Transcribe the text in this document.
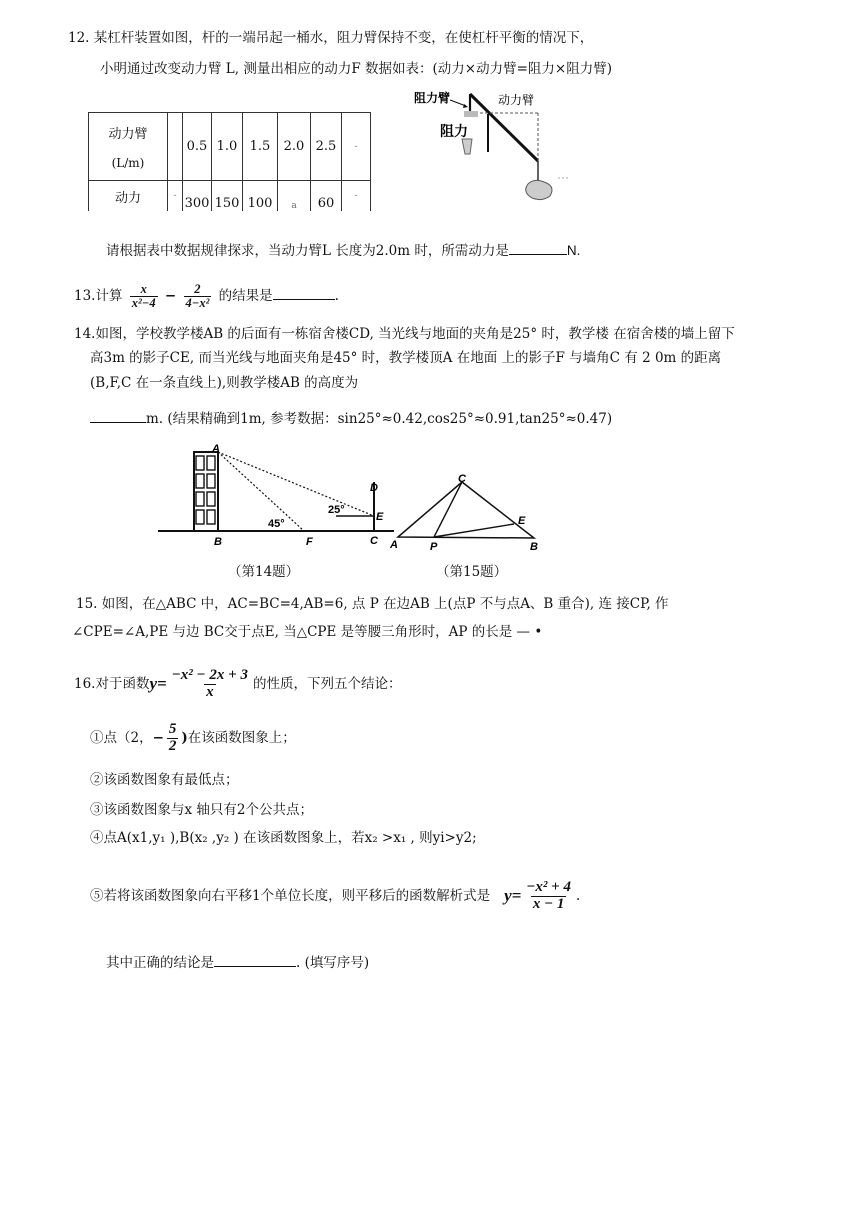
12. 某杠杆装置如图，杆的一端吊起一桶水，阻力臂保持不变，在使杠杆平衡的情况下，
小明通过改变动力臂 L, 测量出相应的动力F 数据如表：(动力×动力臂=阻力×阻力臂)
动力臂
(L/m)		0.5	1.0	1.5	2.0	2.5	-
动力	-	300	150	100	a	60	-
阻力臂	动力臂
阻力
请根据表中数据规律探求，当动力臂L 长度为2.0m 时，所需动力是	N.
13.计算 $\frac{x}{\text{x²−4}} - \frac{2}{\text{4−x²}}$ 的结果是	.
14.如图，学校教学楼AB 的后面有一栋宿舍楼CD, 当光线与地面的夹角是25° 时，教学楼 在宿舍楼的墙上留下
高3m 的影子CE, 而当光线与地面夹角是45° 时，教学楼顶A 在地面 上的影子F 与墙角C 有 2 0m 的距离
(B,F,C 在一条直线上),则教学楼AB 的高度为
m. (结果精确到1m, 参考数据：sin25°≈0.42,cos25°≈0.91,tan25°≈0.47)
A
B	F	C
D
E
45°
25°
A	B
C
E
P
（第14题）	（第15题）
15. 如图，在△ABC 中，AC=BC=4,AB=6, 点 P 在边AB 上(点P 不与点A、B 重合), 连 接CP, 作
∠CPE=∠A,PE 与边 BC交于点E, 当△CPE 是等腰三角形时，AP 的长是 — •
16.对于函数$y= \frac{\text{−x² − 2x + 3}}{x}$ 的性质，下列五个结论：
①点（2，− $\frac{5}{2}$ )在该函数图象上；
②该函数图象有最低点；
③该函数图象与x 轴只有2个公共点；
④点A(x1,y₁ ),B(x₂ ,y₂ ) 在该函数图象上，若x₂ >x₁ , 则yi>y2;
⑤若将该函数图象向右平移1个单位长度，则平移后的函数解析式是 $y= \frac{\text{−x² + 4}}{x - 1}$ .
其中正确的结论是	. (填写序号)
